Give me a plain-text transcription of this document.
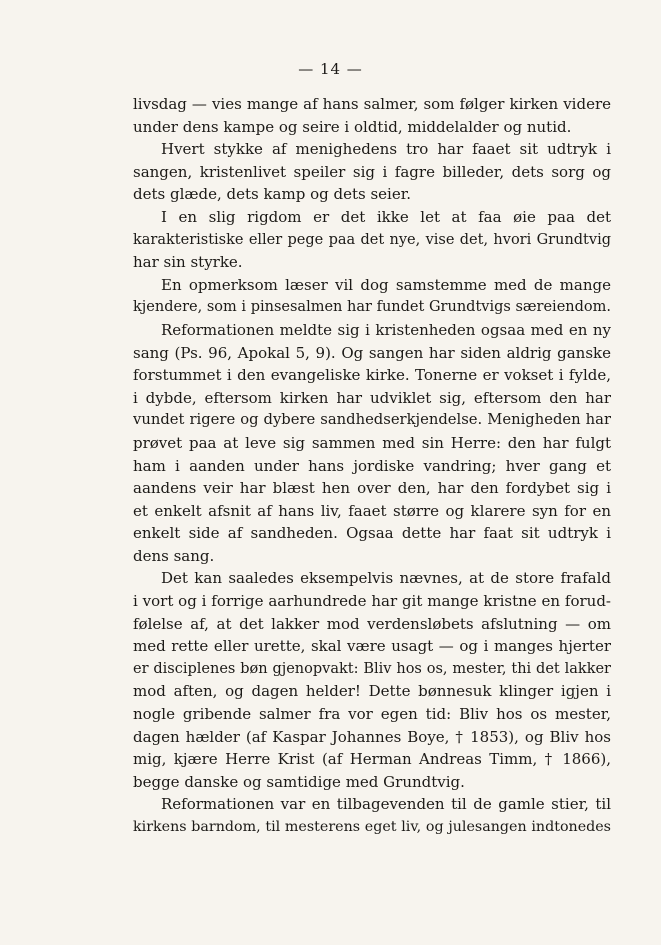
— 14 —
livsdag — vies mange af hans salmer, som følger kirken videre
under dens kampe og seire i oldtid, middelalder og nutid.
Hvert stykke af menighedens tro har faaet sit udtryk i
sangen, kristenlivet speiler sig i fagre billeder, dets sorg og
dets glæde, dets kamp og dets seier.
I en slig rigdom er det ikke let at faa øie paa det
karakteristiske eller pege paa det nye, vise det, hvori Grundtvig
har sin styrke.
En opmerksom læser vil dog samstemme med de mange
kjendere, som i pinsesalmen har fundet Grundtvigs særeiendom.
Reformationen meldte sig i kristenheden ogsaa med en ny
sang (Ps. 96, Apokal 5, 9). Og sangen har siden aldrig ganske
forstummet i den evangeliske kirke. Tonerne er vokset i fylde,
i dybde, eftersom kirken har udviklet sig, eftersom den har
vundet rigere og dybere sandhedserkjendelse. Menigheden har
prøvet paa at leve sig sammen med sin Herre: den har fulgt
ham i aanden under hans jordiske vandring; hver gang et
aandens veir har blæst hen over den, har den fordybet sig i
et enkelt afsnit af hans liv, faaet større og klarere syn for en
enkelt side af sandheden. Ogsaa dette har faat sit udtryk i
dens sang.
Det kan saaledes eksempelvis nævnes, at de store frafald
i vort og i forrige aarhundrede har git mange kristne en forud-
følelse af, at det lakker mod verdensløbets afslutning — om
med rette eller urette, skal være usagt — og i manges hjerter
er disciplenes bøn gjenopvakt: Bliv hos os, mester, thi det lakker
mod aften, og dagen helder! Dette bønnesuk klinger igjen i
nogle gribende salmer fra vor egen tid: Bliv hos os mester,
dagen hælder (af Kaspar Johannes Boye, † 1853), og Bliv hos
mig, kjære Herre Krist (af Herman Andreas Timm, † 1866),
begge danske og samtidige med Grundtvig.
Reformationen var en tilbagevenden til de gamle stier, til
kirkens barndom, til mesterens eget liv, og julesangen indtonedes
